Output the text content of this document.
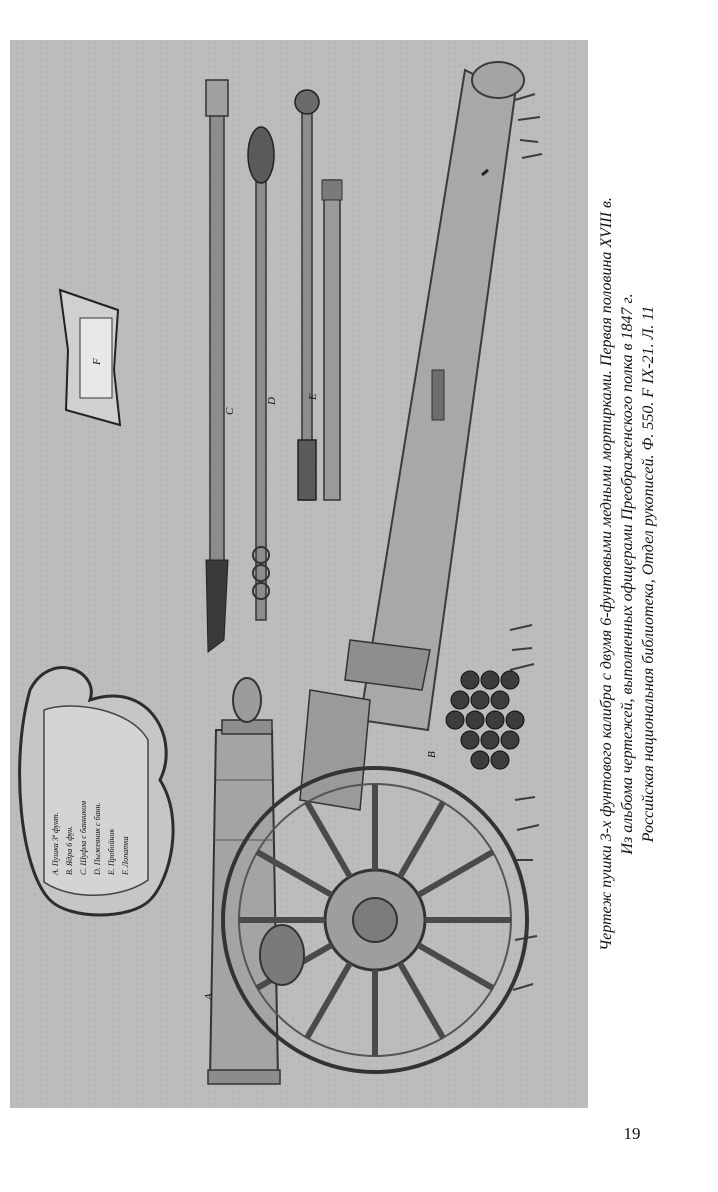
A
B
C
D
E
F
A. Пушка 3ª фунт. B. Ядра 6 фун. C. Шуфла с банником D. Пыжевник с банн. E. Пробойник F. Лопатка	Чертеж пушки 3-х фунтового калибра с двумя 6-фунтовыми медными мортирками. Первая половина XVIII в. Из альбома чертежей, выполненных офицерами Преображенского полка в 1847 г. Российская национальная библиотека, Отдел рукописей. Ф. 550. F IX-21. Л. 11

19
